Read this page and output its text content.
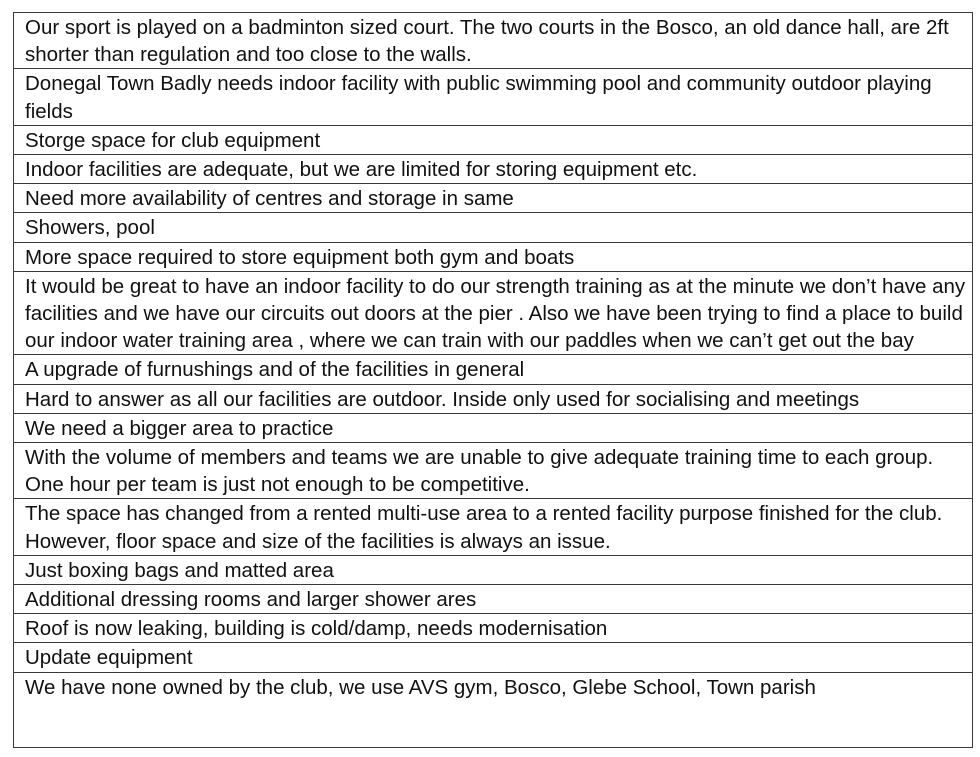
Our sport is played on a badminton sized court. The two courts in the Bosco, an old dance hall, are 2ft shorter than regulation and too close to the walls.
Donegal Town Badly needs indoor facility with public swimming pool and community outdoor playing fields
Storge space for club equipment
Indoor facilities are adequate, but we are limited for storing equipment etc.
Need more availability of centres and storage in same
Showers, pool
More space required to store equipment both gym and boats
It would be great to have an indoor facility to do our strength training as at the minute we don’t have any facilities and we have our circuits out doors at the pier . Also we have been trying to find a place to build our indoor water training area , where we can train with our paddles when we can’t get out the bay
A upgrade of furnushings and of the facilities in general
Hard to answer as all our facilities are outdoor. Inside only used for socialising and meetings
We need a bigger area to practice
With the volume of members and teams we are unable to give adequate training time to each group. One hour per team is just not enough to be competitive.
The space has changed from a rented multi-use area to a rented facility purpose finished for the club. However, floor space and size of the facilities is always an issue.
Just boxing bags and matted area
Additional dressing rooms and larger shower ares
Roof is now leaking, building is cold/damp, needs modernisation
Update equipment
We have none owned by the club, we use AVS gym, Bosco, Glebe School, Town parish
